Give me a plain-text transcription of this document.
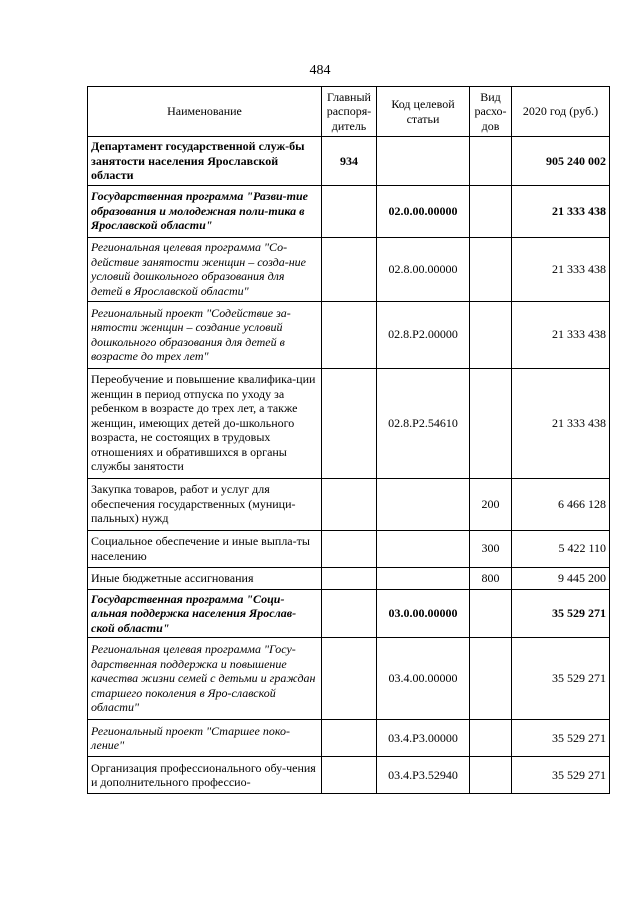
484
Наименование	Главный распоря-дитель	Код целевой статьи	Вид расхо-дов	2020 год (руб.)
Департамент государственной служ-бы занятости населения Ярославской области	934			905 240 002
Государственная программа "Разви-тие образования и молодежная поли-тика в Ярославской области"		02.0.00.00000		21 333 438
Региональная целевая программа "Со-действие занятости женщин – созда-ние условий дошкольного образования для детей в Ярославской области"		02.8.00.00000		21 333 438
Региональный проект "Содействие за-нятости женщин – создание условий дошкольного образования для детей в возрасте до трех лет"		02.8.P2.00000		21 333 438
Переобучение и повышение квалифика-ции женщин в период отпуска по уходу за ребенком в возрасте до трех лет, а также женщин, имеющих детей до-школьного возраста, не состоящих в трудовых отношениях и обратившихся в органы службы занятости		02.8.P2.54610		21 333 438
Закупка товаров, работ и услуг для обеспечения государственных (муници-пальных) нужд			200	6 466 128
Социальное обеспечение и иные выпла-ты населению			300	5 422 110
Иные бюджетные ассигнования			800	9 445 200
Государственная программа "Соци-альная поддержка населения Ярослав-ской области"		03.0.00.00000		35 529 271
Региональная целевая программа "Госу-дарственная поддержка и повышение качества жизни семей с детьми и граждан старшего поколения в Яро-славской области"		03.4.00.00000		35 529 271
Региональный проект "Старшее поко-ление"		03.4.P3.00000		35 529 271
Организация профессионального обу-чения и дополнительного профессио-		03.4.P3.52940		35 529 271
